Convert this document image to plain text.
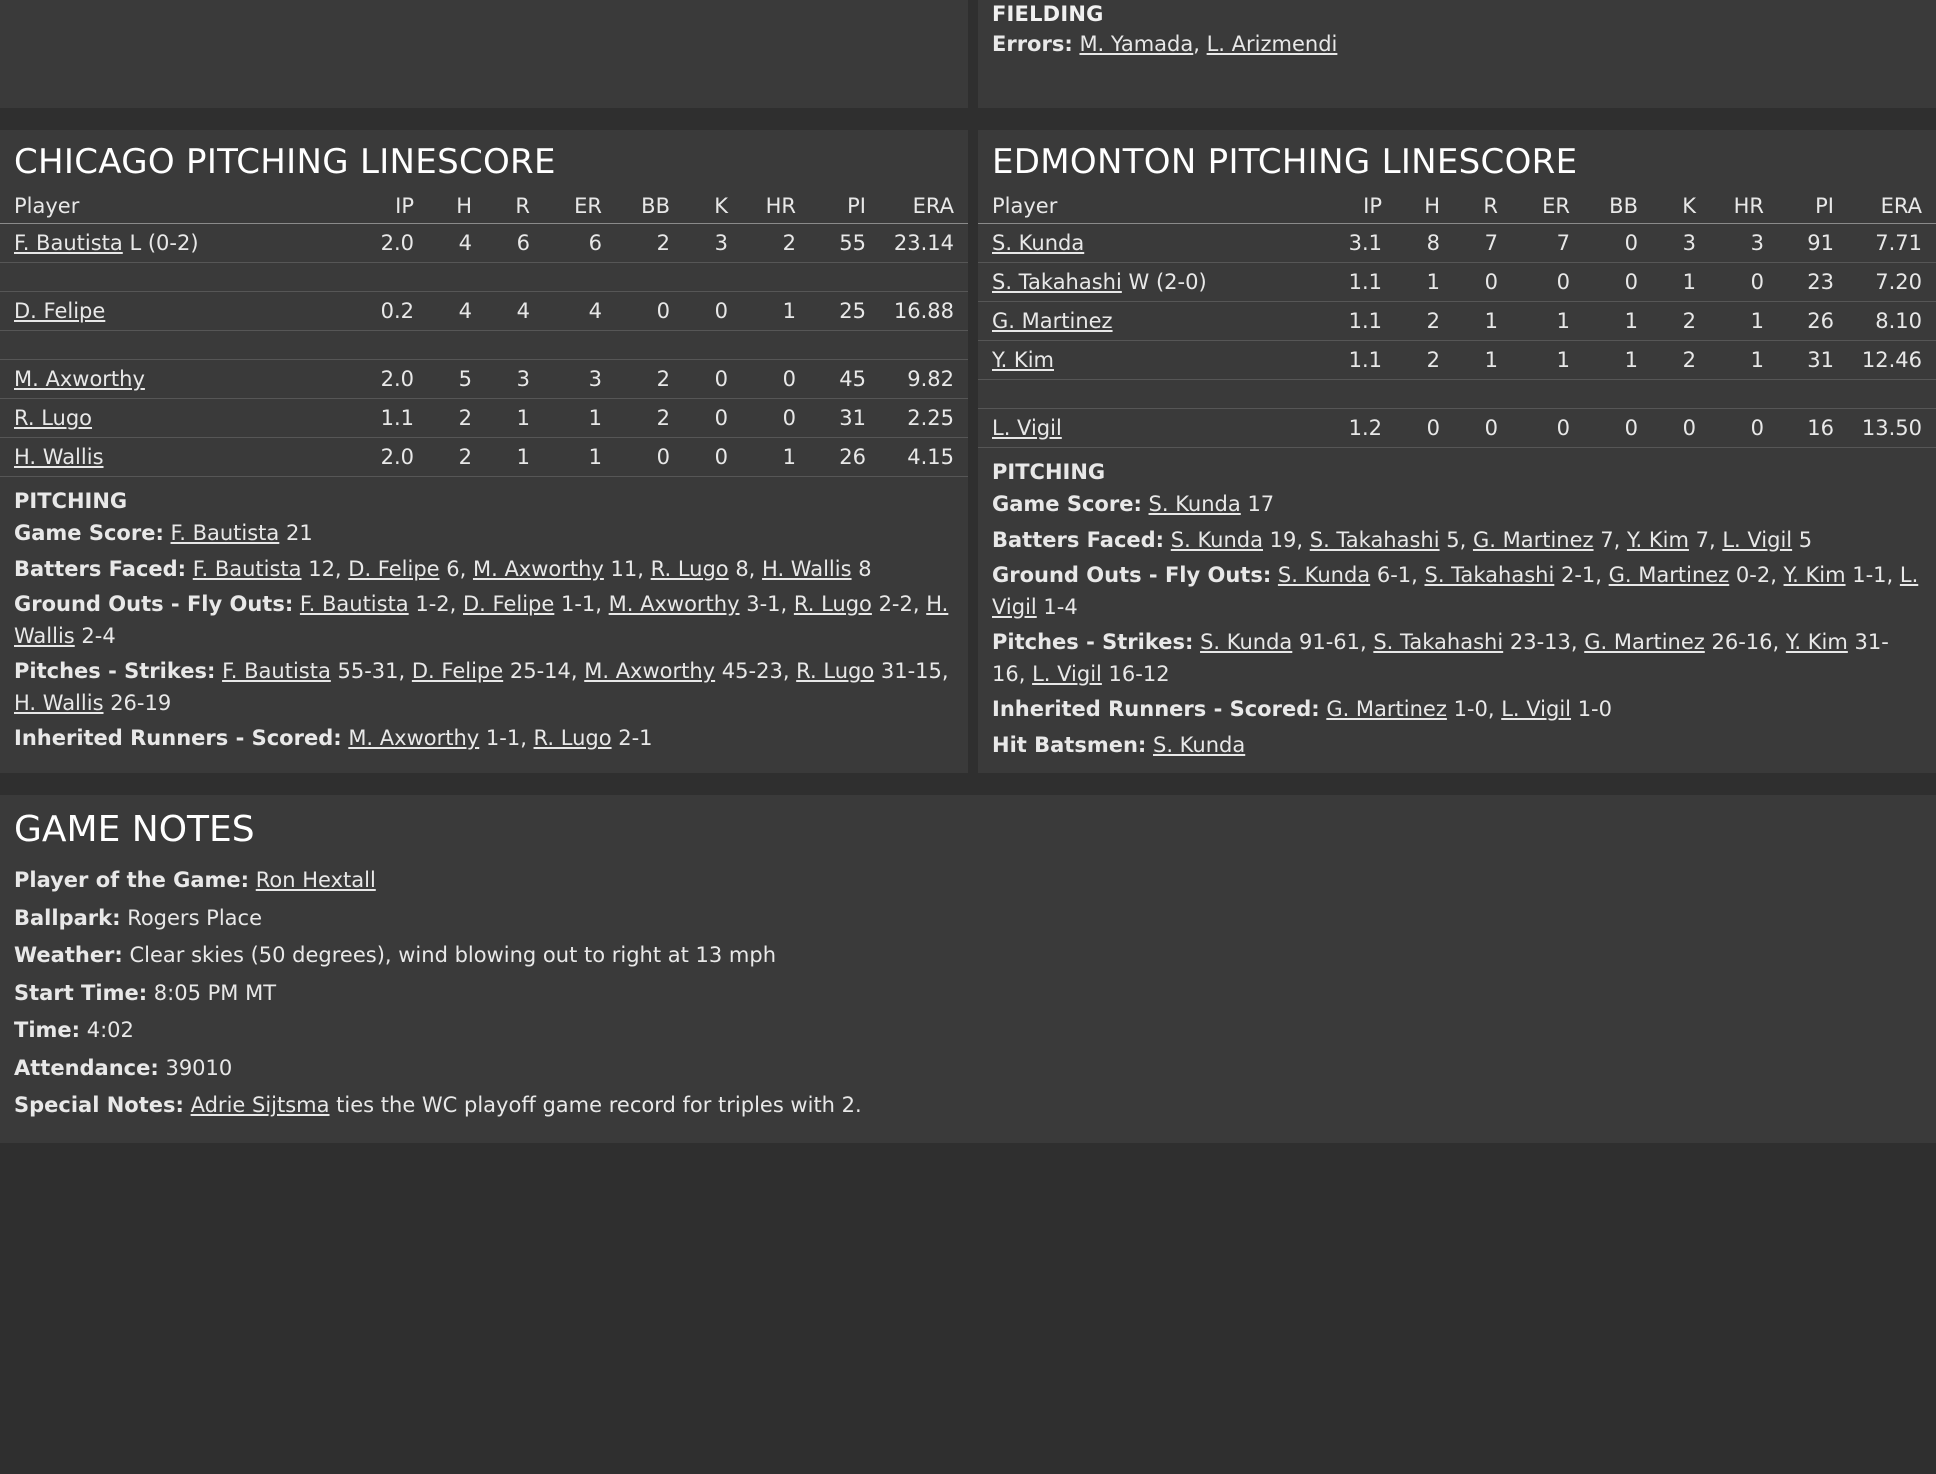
FIELDING
Errors: M. Yamada, L. Arizmendi
CHICAGO PITCHING LINESCORE
Player	IP	H	R	ER	BB	K	HR	PI	ERA
F. Bautista L (0-2)	2.0	4	6	6	2	3	2	55	23.14

D. Felipe	0.2	4	4	4	0	0	1	25	16.88

M. Axworthy	2.0	5	3	3	2	0	0	45	9.82
R. Lugo	1.1	2	1	1	2	0	0	31	2.25
H. Wallis	2.0	2	1	1	0	0	1	26	4.15
PITCHING
Game Score: F. Bautista 21
Batters Faced: F. Bautista 12, D. Felipe 6, M. Axworthy 11, R. Lugo 8, H. Wallis 8
Ground Outs - Fly Outs: F. Bautista 1-2, D. Felipe 1-1, M. Axworthy 3-1, R. Lugo 2-2, H. Wallis 2-4
Pitches - Strikes: F. Bautista 55-31, D. Felipe 25-14, M. Axworthy 45-23, R. Lugo 31-15, H. Wallis 26-19
Inherited Runners - Scored: M. Axworthy 1-1, R. Lugo 2-1
EDMONTON PITCHING LINESCORE
Player	IP	H	R	ER	BB	K	HR	PI	ERA
S. Kunda	3.1	8	7	7	0	3	3	91	7.71
S. Takahashi W (2-0)	1.1	1	0	0	0	1	0	23	7.20
G. Martinez	1.1	2	1	1	1	2	1	26	8.10
Y. Kim	1.1	2	1	1	1	2	1	31	12.46

L. Vigil	1.2	0	0	0	0	0	0	16	13.50
PITCHING
Game Score: S. Kunda 17
Batters Faced: S. Kunda 19, S. Takahashi 5, G. Martinez 7, Y. Kim 7, L. Vigil 5
Ground Outs - Fly Outs: S. Kunda 6-1, S. Takahashi 2-1, G. Martinez 0-2, Y. Kim 1-1, L. Vigil 1-4
Pitches - Strikes: S. Kunda 91-61, S. Takahashi 23-13, G. Martinez 26-16, Y. Kim 31-16, L. Vigil 16-12
Inherited Runners - Scored: G. Martinez 1-0, L. Vigil 1-0
Hit Batsmen: S. Kunda
GAME NOTES
Player of the Game: Ron Hextall
Ballpark: Rogers Place
Weather: Clear skies (50 degrees), wind blowing out to right at 13 mph
Start Time: 8:05 PM MT
Time: 4:02
Attendance: 39010
Special Notes: Adrie Sijtsma ties the WC playoff game record for triples with 2.
